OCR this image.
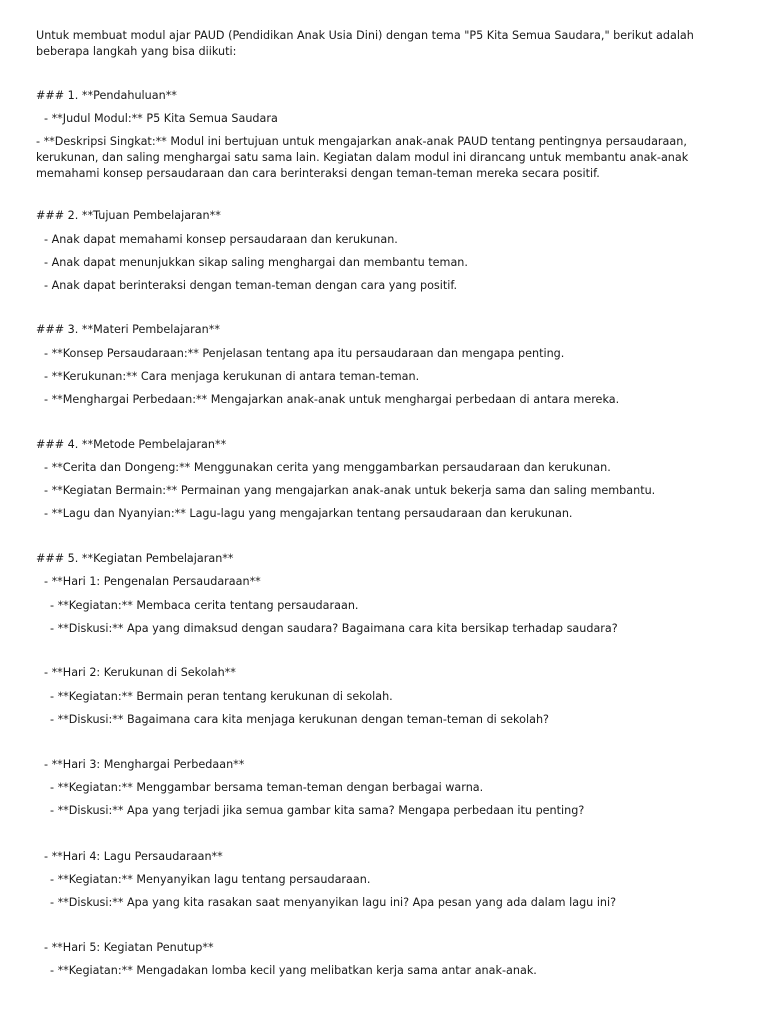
Untuk membuat modul ajar PAUD (Pendidikan Anak Usia Dini) dengan tema "P5 Kita Semua Saudara," berikut adalah beberapa langkah yang bisa diikuti:
### 1. **Pendahuluan**
- **Judul Modul:** P5 Kita Semua Saudara
- **Deskripsi Singkat:** Modul ini bertujuan untuk mengajarkan anak-anak PAUD tentang pentingnya persaudaraan, kerukunan, dan saling menghargai satu sama lain. Kegiatan dalam modul ini dirancang untuk membantu anak-anak memahami konsep persaudaraan dan cara berinteraksi dengan teman-teman mereka secara positif.
### 2. **Tujuan Pembelajaran**
- Anak dapat memahami konsep persaudaraan dan kerukunan.
- Anak dapat menunjukkan sikap saling menghargai dan membantu teman.
- Anak dapat berinteraksi dengan teman-teman dengan cara yang positif.
### 3. **Materi Pembelajaran**
- **Konsep Persaudaraan:** Penjelasan tentang apa itu persaudaraan dan mengapa penting.
- **Kerukunan:** Cara menjaga kerukunan di antara teman-teman.
- **Menghargai Perbedaan:** Mengajarkan anak-anak untuk menghargai perbedaan di antara mereka.
### 4. **Metode Pembelajaran**
- **Cerita dan Dongeng:** Menggunakan cerita yang menggambarkan persaudaraan dan kerukunan.
- **Kegiatan Bermain:** Permainan yang mengajarkan anak-anak untuk bekerja sama dan saling membantu.
- **Lagu dan Nyanyian:** Lagu-lagu yang mengajarkan tentang persaudaraan dan kerukunan.
### 5. **Kegiatan Pembelajaran**
- **Hari 1: Pengenalan Persaudaraan**
- **Kegiatan:** Membaca cerita tentang persaudaraan.
- **Diskusi:** Apa yang dimaksud dengan saudara? Bagaimana cara kita bersikap terhadap saudara?
- **Hari 2: Kerukunan di Sekolah**
- **Kegiatan:** Bermain peran tentang kerukunan di sekolah.
- **Diskusi:** Bagaimana cara kita menjaga kerukunan dengan teman-teman di sekolah?
- **Hari 3: Menghargai Perbedaan**
- **Kegiatan:** Menggambar bersama teman-teman dengan berbagai warna.
- **Diskusi:** Apa yang terjadi jika semua gambar kita sama? Mengapa perbedaan itu penting?
- **Hari 4: Lagu Persaudaraan**
- **Kegiatan:** Menyanyikan lagu tentang persaudaraan.
- **Diskusi:** Apa yang kita rasakan saat menyanyikan lagu ini? Apa pesan yang ada dalam lagu ini?
- **Hari 5: Kegiatan Penutup**
- **Kegiatan:** Mengadakan lomba kecil yang melibatkan kerja sama antar anak-anak.
